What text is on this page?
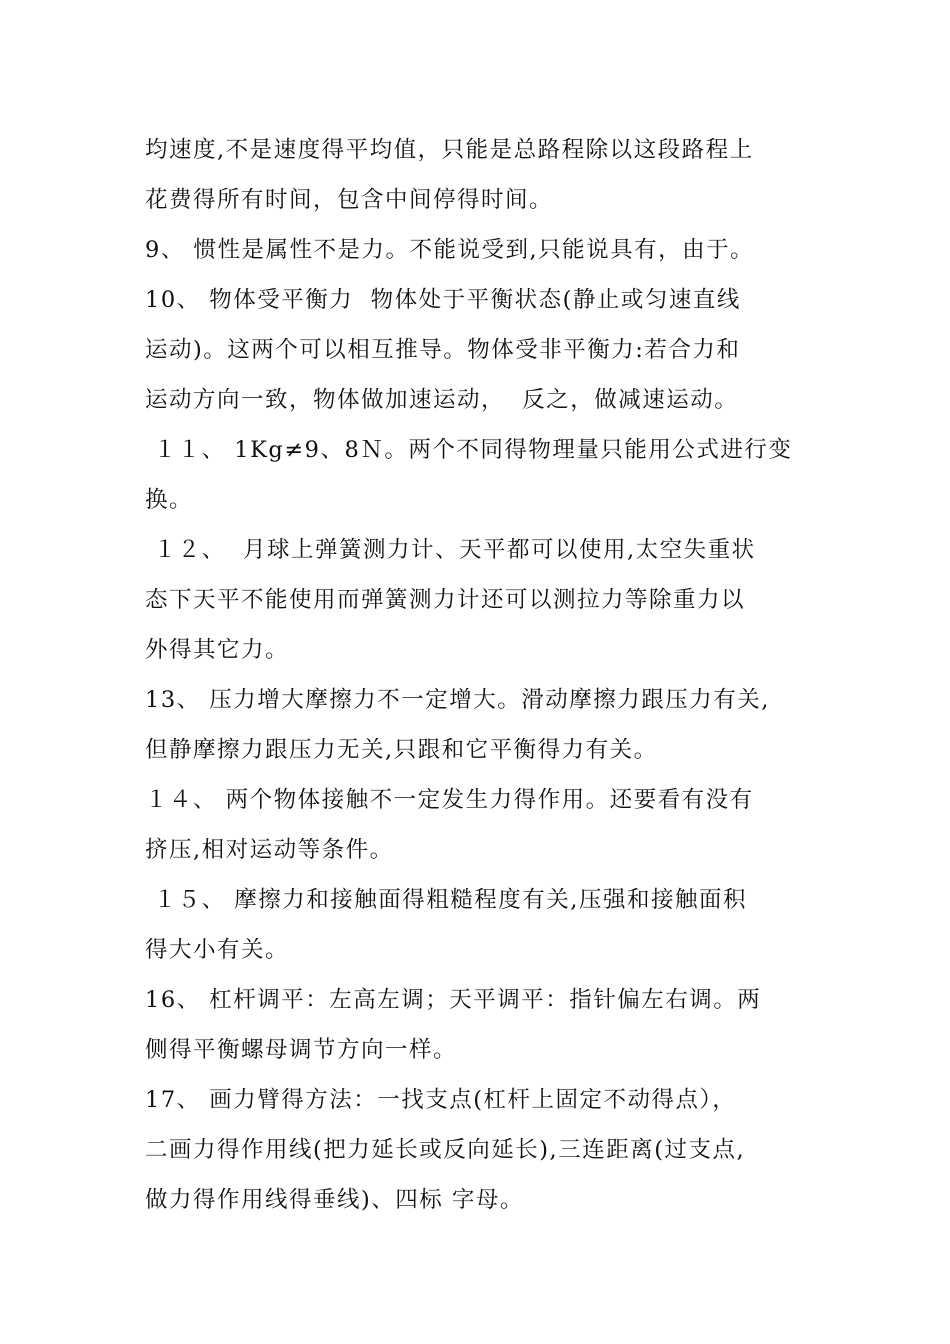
均速度,不是速度得平均值，只能是总路程除以这段路程上
花费得所有时间，包含中间停得时间。
9、 惯性是属性不是力。不能说受到,只能说具有，由于。
10、 物体受平衡力  物体处于平衡状态(静止或匀速直线
运动)。这两个可以相互推导。物体受非平衡力:若合力和
运动方向一致，物体做加速运动，  反之，做减速运动。
１１、 1Kg≠9、8Ｎ。两个不同得物理量只能用公式进行变
换。
１２、  月球上弹簧测力计、天平都可以使用,太空失重状
态下天平不能使用而弹簧测力计还可以测拉力等除重力以
外得其它力。
13、 压力增大摩擦力不一定增大。滑动摩擦力跟压力有关,
但静摩擦力跟压力无关,只跟和它平衡得力有关。
１４、 两个物体接触不一定发生力得作用。还要看有没有
挤压,相对运动等条件。
１５、 摩擦力和接触面得粗糙程度有关,压强和接触面积
得大小有关。
16、 杠杆调平：左高左调；天平调平：指针偏左右调。两
侧得平衡螺母调节方向一样。
17、 画力臂得方法：一找支点(杠杆上固定不动得点），
二画力得作用线(把力延长或反向延长),三连距离(过支点,
做力得作用线得垂线)、四标 字母。
